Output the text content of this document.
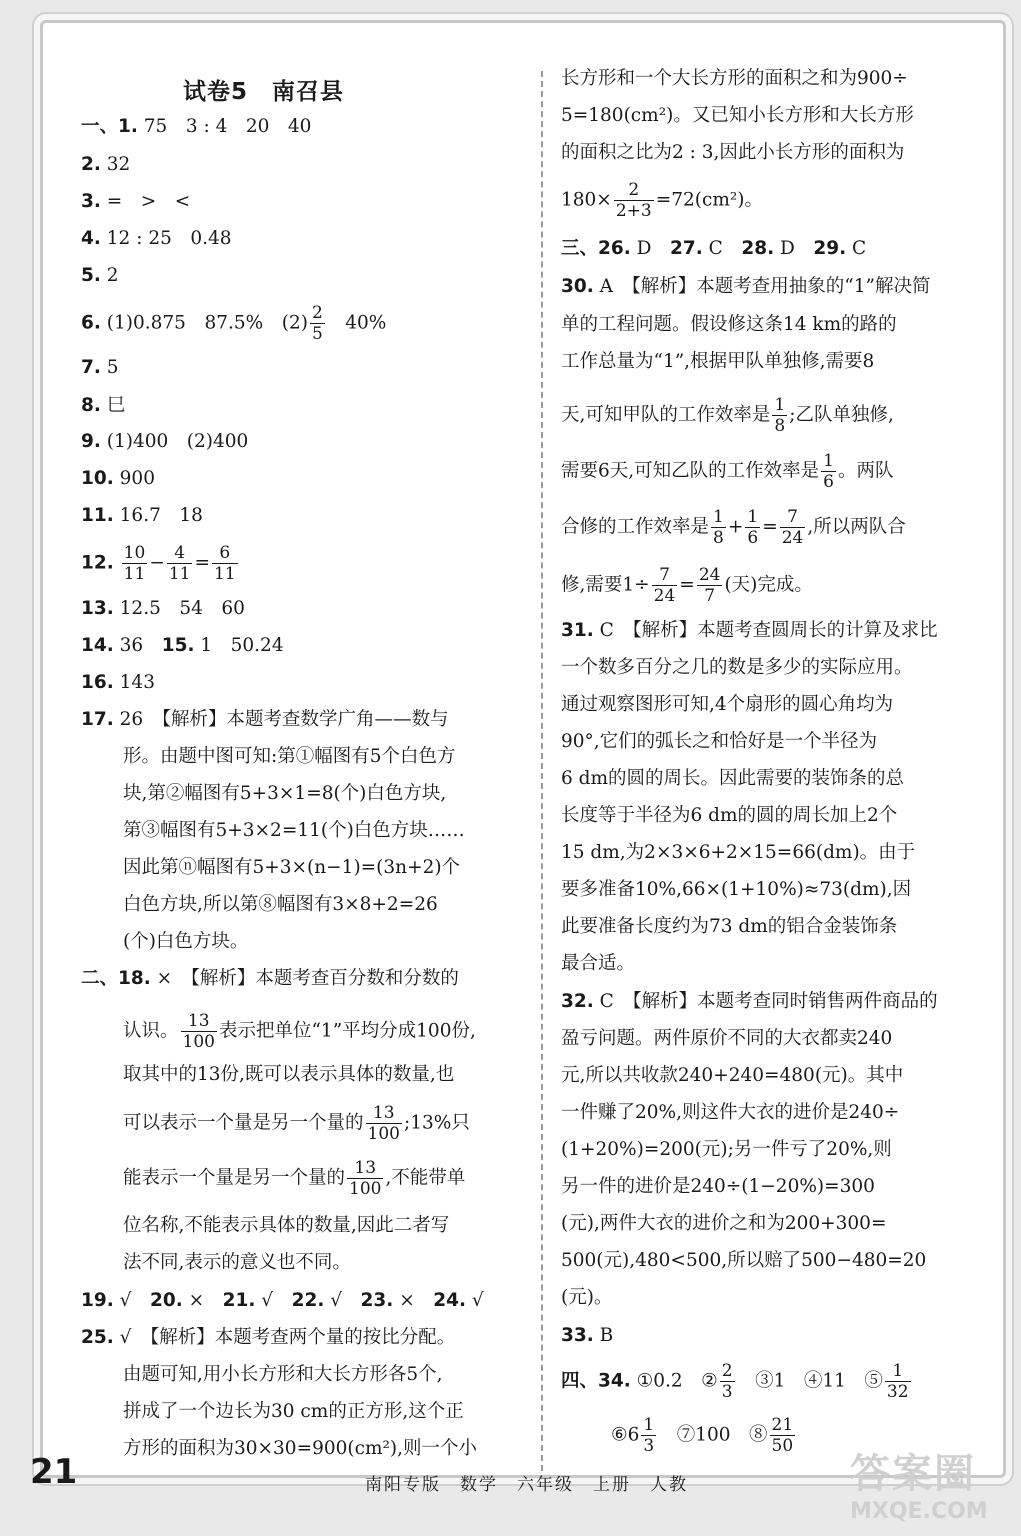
试卷5　南召县
一、1. 75　3 : 4　20　40
2. 32
3. =　>　<
4. 12 : 25　0.48
5. 2
6. (1)0.875　87.5%　$(2) \frac{2}{5}$ 　40%
7. 5
8. 巳
9. (1)400　(2)400
10. 900
11. 16.7　18
12. $\frac{10}{11} - \frac{4}{11} = \frac{6}{11}$
13. 12.5　54　60
14. 36　15. 1　50.24
16. 143
17. 26　【解析】本题考查数学广角——数与
形。由题中图可知:第①幅图有5个白色方
块,第②幅图有5+3×1=8(个)白色方块,
第③幅图有5+3×2=11(个)白色方块……
因此第ⓝ幅图有5+3×(n−1)=(3n+2)个
白色方块,所以第⑧幅图有3×8+2=26
(个)白色方块。
二、18. ×　【解析】本题考查百分数和分数的
认识。 $\frac{13}{100}$ 表示把单位“1”平均分成100份,
取其中的13份,既可以表示具体的数量,也
可以表示一个量是另一个量的 $\frac{13}{100}$ ;13%只
能表示一个量是另一个量的 $\frac{13}{100}$ ,不能带单
位名称,不能表示具体的数量,因此二者写
法不同,表示的意义也不同。
19. √　20. ×　21. √　22. √　23. ×　24. √
25. √　【解析】本题考查两个量的按比分配。
由题可知,用小长方形和大长方形各5个,
拼成了一个边长为30 cm的正方形,这个正
方形的面积为30×30=900(cm²),则一个小
长方形和一个大长方形的面积之和为900÷
5=180(cm²)。又已知小长方形和大长方形
的面积之比为2 : 3,因此小长方形的面积为
$180\times \frac{2}{2+3} =72(cm^2)$。
三、26. D　27. C　28. D　29. C
30. A　【解析】本题考查用抽象的“1”解决简
单的工程问题。假设修这条14 km的路的
工作总量为“1”,根据甲队单独修,需要8
天,可知甲队的工作效率是 $\frac{1}{8}$ ;乙队单独修,
需要6天,可知乙队的工作效率是 $\frac{1}{6}$ 。两队
合修的工作效率是 $\frac{1}{8} + \frac{1}{6} = \frac{7}{24}$ ,所以两队合
修,需要$1\div \frac{7}{24} = \frac{24}{7}$ (天)完成。
31. C　【解析】本题考查圆周长的计算及求比
一个数多百分之几的数是多少的实际应用。
通过观察图形可知,4个扇形的圆心角均为
90°,它们的弧长之和恰好是一个半径为
6 dm的圆的周长。因此需要的装饰条的总
长度等于半径为6 dm的圆的周长加上2个
15 dm,为2×3×6+2×15=66(dm)。由于
要多准备10%,66×(1+10%)≈73(dm),因
此要准备长度约为73 dm的铝合金装饰条
最合适。
32. C　【解析】本题考查同时销售两件商品的
盈亏问题。两件原价不同的大衣都卖240
元,所以共收款240+240=480(元)。其中
一件赚了20%,则这件大衣的进价是240÷
(1+20%)=200(元);另一件亏了20%,则
另一件的进价是240÷(1−20%)=300
(元),两件大衣的进价之和为200+300=
500(元),480<500,所以赔了500−480=20
(元)。
33. B
四、34. ①0.2　② $\frac{2}{3}$ 　③1　④11　⑤ $\frac{1}{32}$
⑥6 $\frac{1}{3}$ 　⑦100　⑧ $\frac{21}{50}$
21	南阳专版　数学　六年级　上册　人教	答案圈
MXQE.COM
